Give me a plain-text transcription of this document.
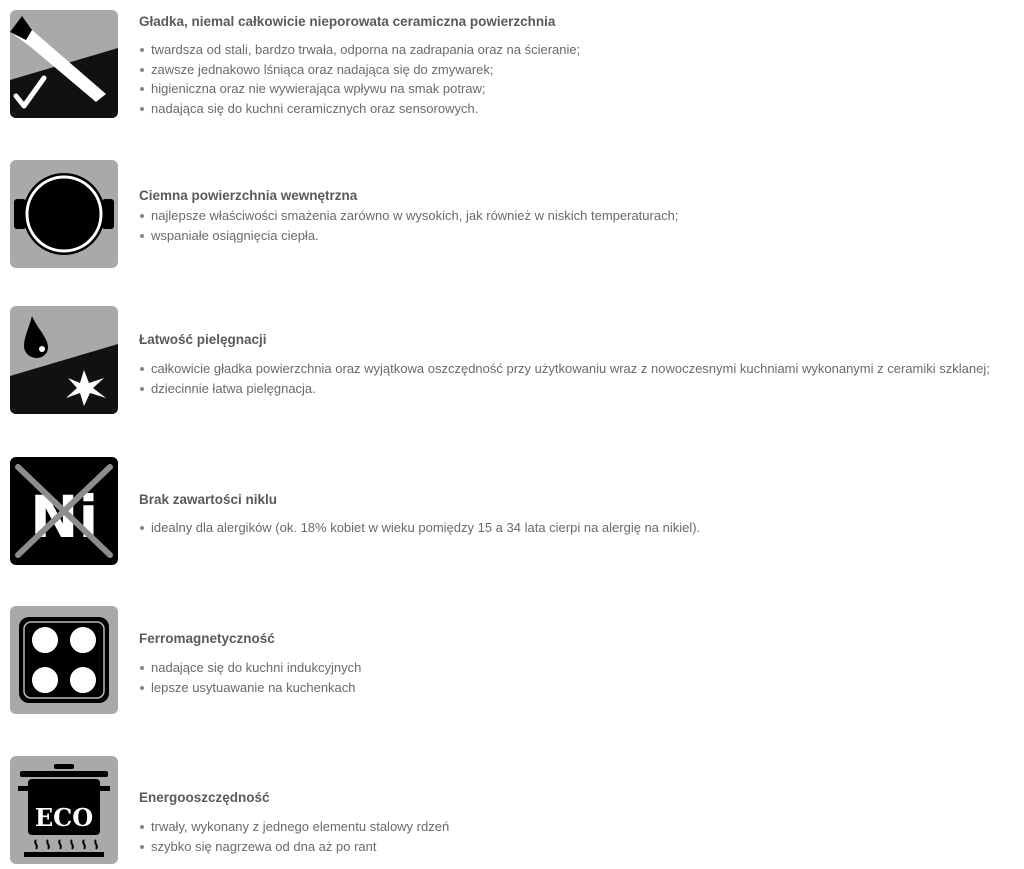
Gładka, niemal całkowicie nieporowata ceramiczna powierzchnia

twardsza od stali, bardzo trwała, odporna na zadrapania oraz na ścieranie;
zawsze jednakowo lśniąca oraz nadająca się do zmywarek;
higieniczna oraz nie wywierająca wpływu na smak potraw;
nadająca się do kuchni ceramicznych oraz sensorowych.

Ciemna powierzchnia wewnętrzna

najlepsze właściwości smażenia zarówno w wysokich, jak również w niskich temperaturach;
wspaniałe osiągnięcia ciepła.

Łatwość pielęgnacji

całkowicie gładka powierzchnia oraz wyjątkowa oszczędność przy użytkowaniu wraz z nowoczesnymi kuchniami wykonanymi z ceramiki szklanej;
dziecinnie łatwa pielęgnacja.
Ni	Brak zawartości niklu

idealny dla alergików (ok. 18% kobiet w wieku pomiędzy 15 a 34 lata cierpi na alergię na nikiel).

Ferromagnetyczność

nadające się do kuchni indukcyjnych
lepsze usytuawanie na kuchenkach
ECO

Energooszczędność

trwały, wykonany z jednego elementu stalowy rdzeń
szybko się nagrzewa od dna aż po rant
